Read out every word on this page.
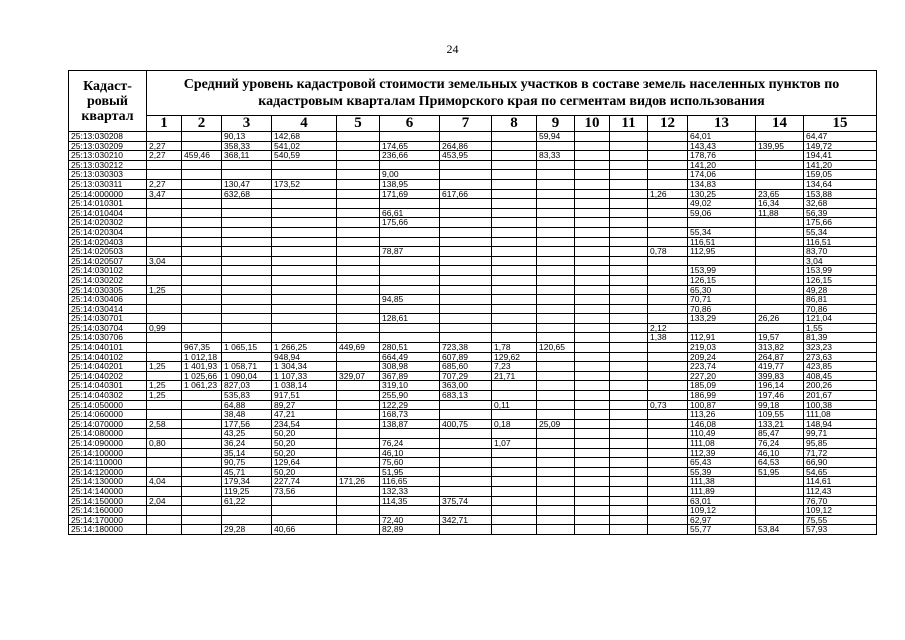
24
Кадаст-ровый квартал	Средний уровень кадастровой стоимости земельных участков в составе земель населенных пунктов по кадастровым кварталам Приморского края по сегментам видов использования														
	1	2	3	4	5	6	7	8	9	10	11	12	13	14	15
25:13:030208			90,13	142,68					59,94				64,01		64,47
25:13:030209	2,27		358,33	541,02		174,65	264,86						143,43	139,95	149,72
25:13:030210	2,27	459,46	368,11	540,59		236,66	453,95		83,33				178,76		194,41
25:13:030212													141,20		141,20
25:13:030303						9,00							174,06		159,05
25:13:030311	2,27		130,47	173,52		138,95							134,83		134,64
25:14:000000	3,47		632,68			171,69	617,66					1,26	130,25	23,65	153,88
25:14:010301													49,02	16,34	32,68
25:14:010404						66,61							59,06	11,88	56,39
25:14:020302						175,66									175,66
25:14:020304													55,34		55,34
25:14:020403													116,51		116,51
25:14:020503						78,87						0,78	112,95		83,70
25:14:020507	3,04														3,04
25:14:030102													153,99		153,99
25:14:030202													126,15		126,15
25:14:030305	1,25												65,30		49,28
25:14:030406						94,85							70,71		86,81
25:14:030414													70,86		70,86
25:14:030701						128,61							133,29	26,26	121,04
25:14:030704	0,99											2,12			1,55
25:14:030706												1,38	112,91	19,57	81,39
25:14:040101		967,35	1 065,15	1 266,25	449,69	280,51	723,38	1,78	120,65				219,03	313,82	323,23
25:14:040102		1 012,18		948,94		664,49	607,89	129,62					209,24	264,87	273,63
25:14:040201	1,25	1 401,93	1 058,71	1 304,34		308,98	685,60	7,23					223,74	419,77	423,85
25:14:040202		1 025,66	1 090,04	1 107,33	329,07	367,89	707,29	21,71					227,20	399,83	408,45
25:14:040301	1,25	1 061,23	827,03	1 038,14		319,10	363,00						185,09	196,14	200,26
25:14:040302	1,25		535,83	917,51		255,90	683,13						186,99	197,46	201,67
25:14:050000			64,88	89,27		122,29		0,11				0,73	100,87	99,18	100,38
25:14:060000			38,48	47,21		168,73							113,26	109,55	111,08
25:14:070000	2,58		177,56	234,54		138,87	400,75	0,18	25,09				146,08	133,21	148,94
25:14:080000			43,25	50,20									110,49	85,47	99,71
25:14:090000	0,80		36,24	50,20		76,24		1,07					111,08	76,24	95,85
25:14:100000			35,14	50,20		46,10							112,39	46,10	71,72
25:14:110000			90,75	129,64		75,60							65,43	64,53	66,90
25:14:120000			45,71	50,20		51,95							55,39	51,95	54,65
25:14:130000	4,04		179,34	227,74	171,26	116,65							111,38		114,61
25:14:140000			119,25	73,56		132,33							111,89		112,43
25:14:150000	2,04		61,22			114,35	375,74						63,01		76,70
25:14:160000													109,12		109,12
25:14:170000						72,40	342,71						62,97		75,55
25:14:180000			29,28	40,66		82,89							55,77	53,84	57,93
